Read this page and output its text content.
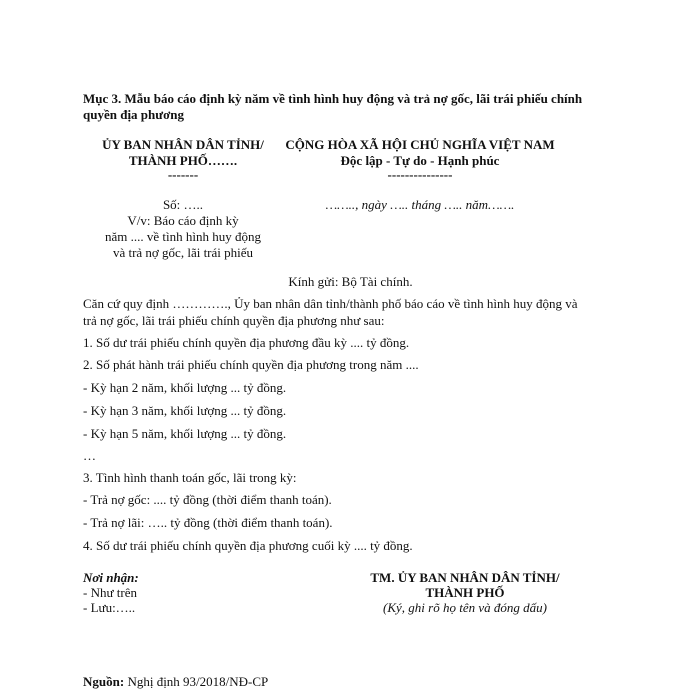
Mục 3. Mẫu báo cáo định kỳ năm về tình hình huy động và trả nợ gốc, lãi trái phiếu chính
quyền địa phương
ỦY BAN NHÂN DÂN TỈNH/
THÀNH PHỐ…….
-------
Số: …..
V/v: Báo cáo định kỳ
năm .... về tình hình huy động
và trả nợ gốc, lãi trái phiếu
CỘNG HÒA XÃ HỘI CHỦ NGHĨA VIỆT NAM
Độc lập - Tự do - Hạnh phúc
---------------
…….., ngày ….. tháng ….. năm…….
Kính gửi: Bộ Tài chính.
Căn cứ quy định …………., Ủy ban nhân dân tỉnh/thành phố báo cáo về tình hình huy động và
trả nợ gốc, lãi trái phiếu chính quyền địa phương như sau:
1. Số dư trái phiếu chính quyền địa phương đầu kỳ .... tỷ đồng.
2. Số phát hành trái phiếu chính quyền địa phương trong năm ....
- Kỳ hạn 2 năm, khối lượng ... tỷ đồng.
- Kỳ hạn 3 năm, khối lượng ... tỷ đồng.
- Kỳ hạn 5 năm, khối lượng ... tỷ đồng.
…
3. Tình hình thanh toán gốc, lãi trong kỳ:
- Trả nợ gốc: .... tỷ đồng (thời điểm thanh toán).
- Trả nợ lãi: ….. tỷ đồng (thời điểm thanh toán).
4. Số dư trái phiếu chính quyền địa phương cuối kỳ .... tỷ đồng.
Nơi nhận:
- Như trên
- Lưu:…..
TM. ỦY BAN NHÂN DÂN TỈNH/
THÀNH PHỐ
(Ký, ghi rõ họ tên và đóng dấu)
Nguồn: Nghị định 93/2018/NĐ-CP
